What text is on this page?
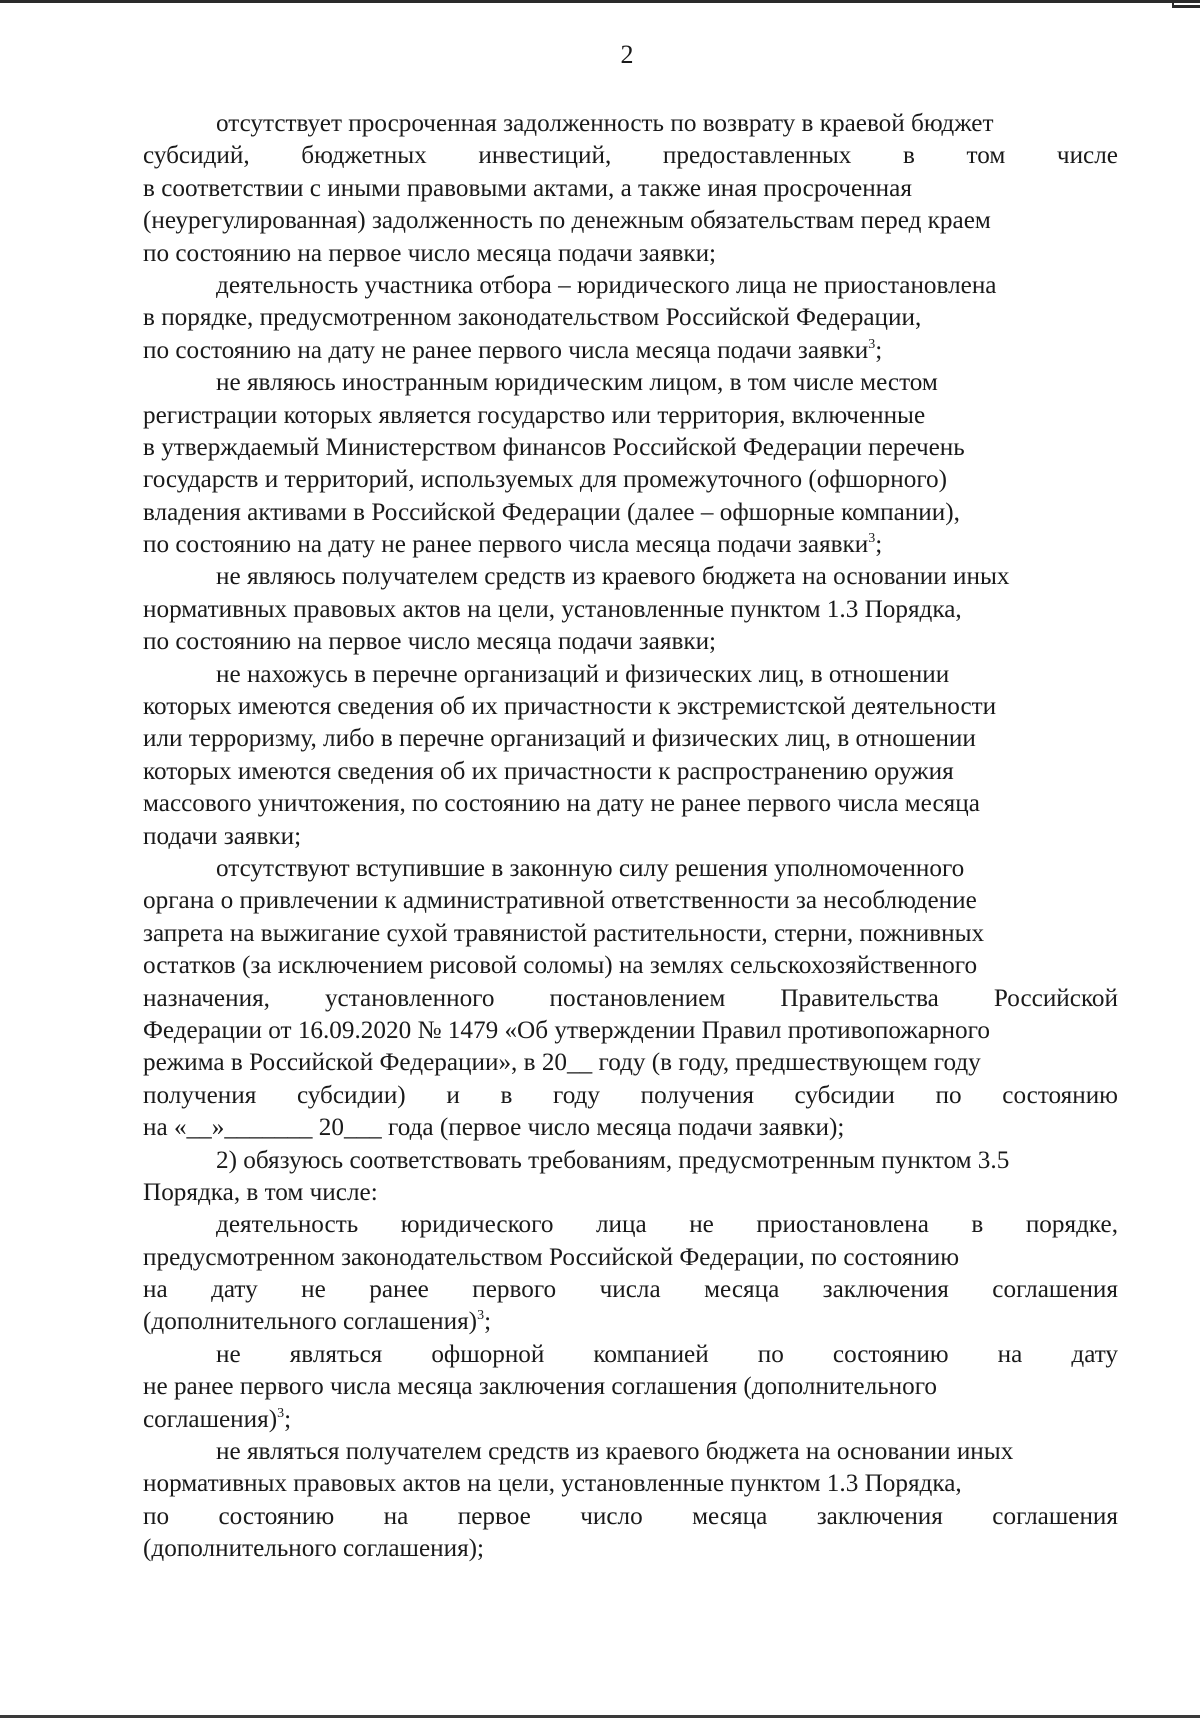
2
отсутствует просроченная задолженность по возврату в краевой бюджет
субсидий, бюджетных инвестиций, предоставленных в том числе
в соответствии с иными правовыми актами, а также иная просроченная
(неурегулированная) задолженность по денежным обязательствам перед краем
по состоянию на первое число месяца подачи заявки;
деятельность участника отбора – юридического лица не приостановлена
в порядке, предусмотренном законодательством Российской Федерации,
по состоянию на дату не ранее первого числа месяца подачи заявки$^3$;
не являюсь иностранным юридическим лицом, в том числе местом
регистрации которых является государство или территория, включенные
в утверждаемый Министерством финансов Российской Федерации перечень
государств и территорий, используемых для промежуточного (офшорного)
владения активами в Российской Федерации (далее – офшорные компании),
по состоянию на дату не ранее первого числа месяца подачи заявки$^3$;
не являюсь получателем средств из краевого бюджета на основании иных
нормативных правовых актов на цели, установленные пунктом 1.3 Порядка,
по состоянию на первое число месяца подачи заявки;
не нахожусь в перечне организаций и физических лиц, в отношении
которых имеются сведения об их причастности к экстремистской деятельности
или терроризму, либо в перечне организаций и физических лиц, в отношении
которых имеются сведения об их причастности к распространению оружия
массового уничтожения, по состоянию на дату не ранее первого числа месяца
подачи заявки;
отсутствуют вступившие в законную силу решения уполномоченного
органа о привлечении к административной ответственности за несоблюдение
запрета на выжигание сухой травянистой растительности, стерни, пожнивных
остатков (за исключением рисовой соломы) на землях сельскохозяйственного
назначения, установленного постановлением Правительства Российской
Федерации от 16.09.2020 № 1479 «Об утверждении Правил противопожарного
режима в Российской Федерации», в 20__ году (в году, предшествующем году
получения субсидии) и в году получения субсидии по состоянию
на «__»_______ 20___ года (первое число месяца подачи заявки);
2) обязуюсь соответствовать требованиям, предусмотренным пунктом 3.5
Порядка, в том числе:
деятельность юридического лица не приостановлена в порядке,
предусмотренном законодательством Российской Федерации, по состоянию
на дату не ранее первого числа месяца заключения соглашения
(дополнительного соглашения)$^3$;
не являться офшорной компанией по состоянию на дату
не ранее первого числа месяца заключения соглашения (дополнительного
соглашения)$^3$;
не являться получателем средств из краевого бюджета на основании иных
нормативных правовых актов на цели, установленные пунктом 1.3 Порядка,
по состоянию на первое число месяца заключения соглашения
(дополнительного соглашения);
